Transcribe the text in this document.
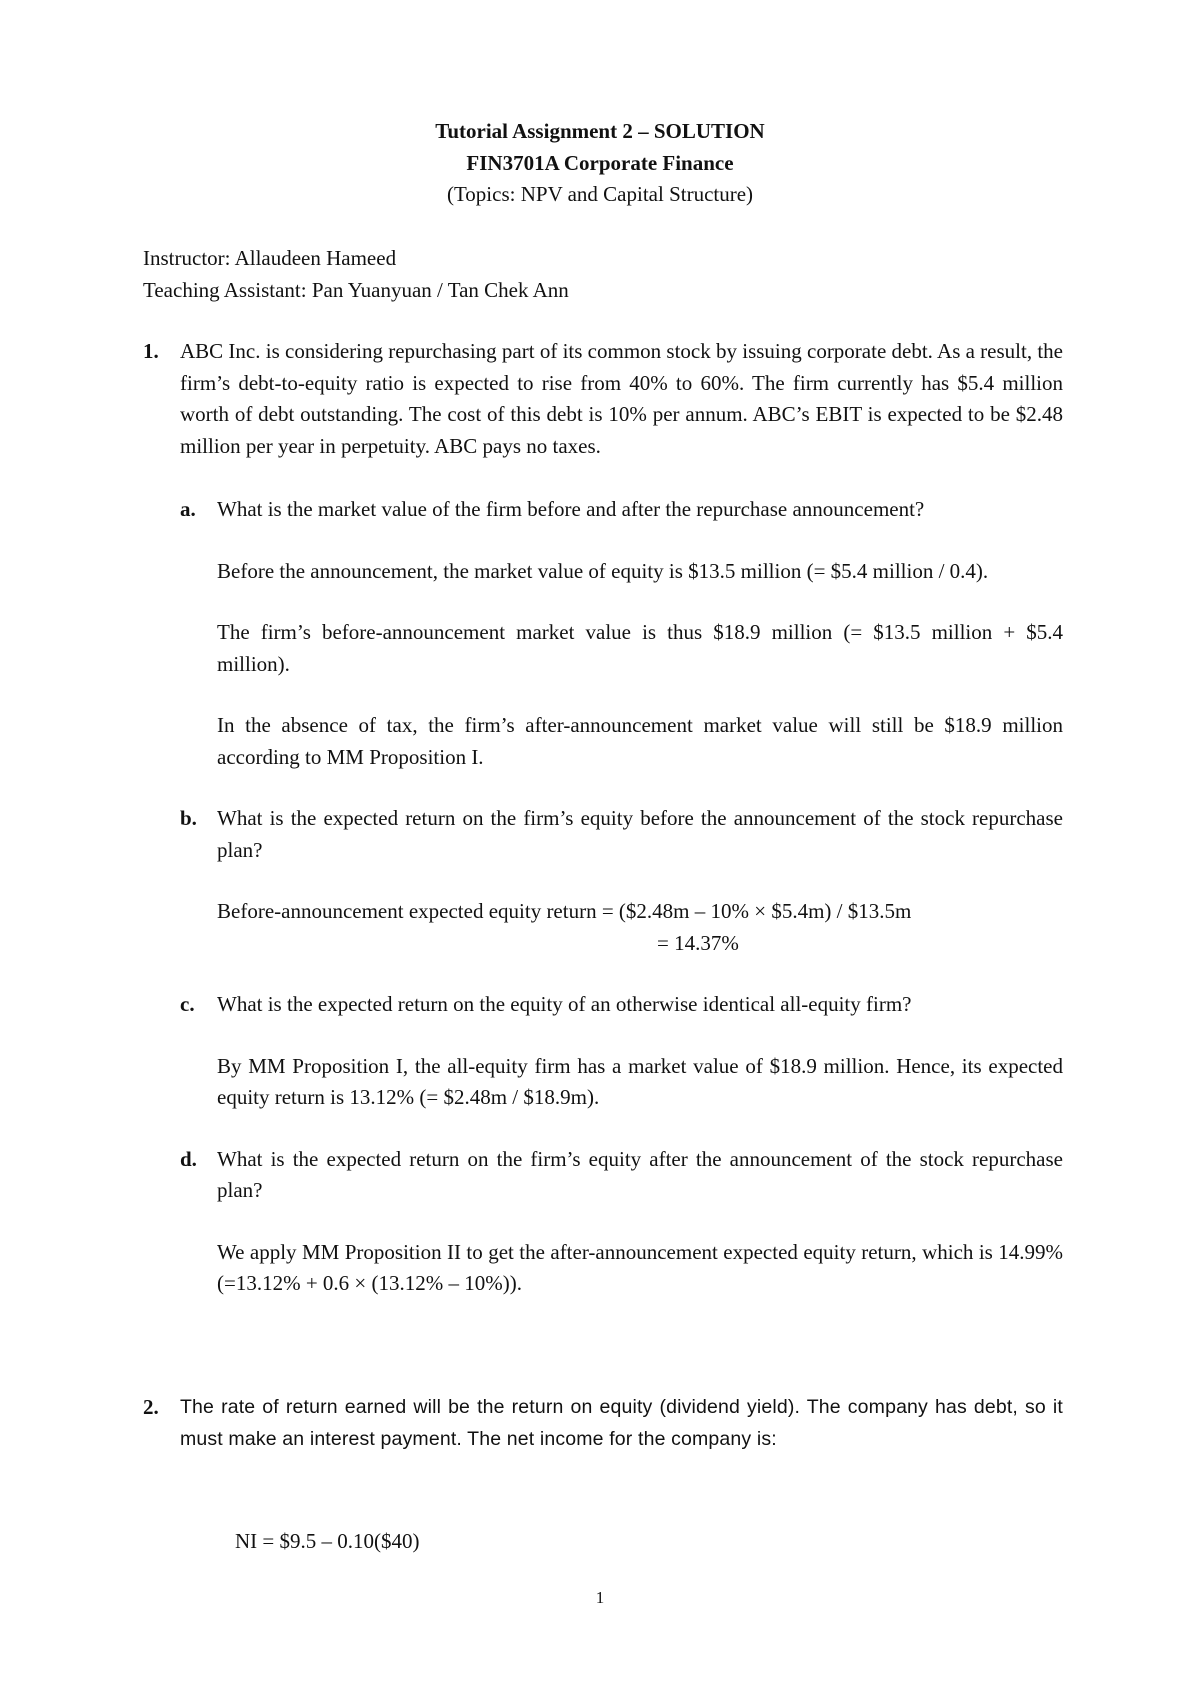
Tutorial Assignment 2 – SOLUTION
FIN3701A Corporate Finance
(Topics: NPV and Capital Structure)
Instructor: Allaudeen Hameed
Teaching Assistant: Pan Yuanyuan / Tan Chek Ann
1. ABC Inc. is considering repurchasing part of its common stock by issuing corporate debt. As a result, the firm’s debt-to-equity ratio is expected to rise from 40% to 60%. The firm currently has $5.4 million worth of debt outstanding. The cost of this debt is 10% per annum. ABC’s EBIT is expected to be $2.48 million per year in perpetuity. ABC pays no taxes.
a. What is the market value of the firm before and after the repurchase announcement?

Before the announcement, the market value of equity is $13.5 million (= $5.4 million / 0.4).

The firm’s before-announcement market value is thus $18.9 million (= $13.5 million + $5.4 million).

In the absence of tax, the firm’s after-announcement market value will still be $18.9 million according to MM Proposition I.

b. What is the expected return on the firm’s equity before the announcement of the stock repurchase plan?

Before-announcement expected equity return = ($2.48m – 10% × $5.4m) / $13.5m
= 14.37%
c. What is the expected return on the equity of an otherwise identical all-equity firm?

By MM Proposition I, the all-equity firm has a market value of $18.9 million. Hence, its expected equity return is 13.12% (= $2.48m / $18.9m).

d. What is the expected return on the firm’s equity after the announcement of the stock repurchase plan?

We apply MM Proposition II to get the after-announcement expected equity return, which is 14.99% (=13.12% + 0.6 × (13.12% – 10%)).

2. The rate of return earned will be the return on equity (dividend yield). The company has debt, so it must make an interest payment. The net income for the company is:
NI = $9.5 – 0.10($40)
1
